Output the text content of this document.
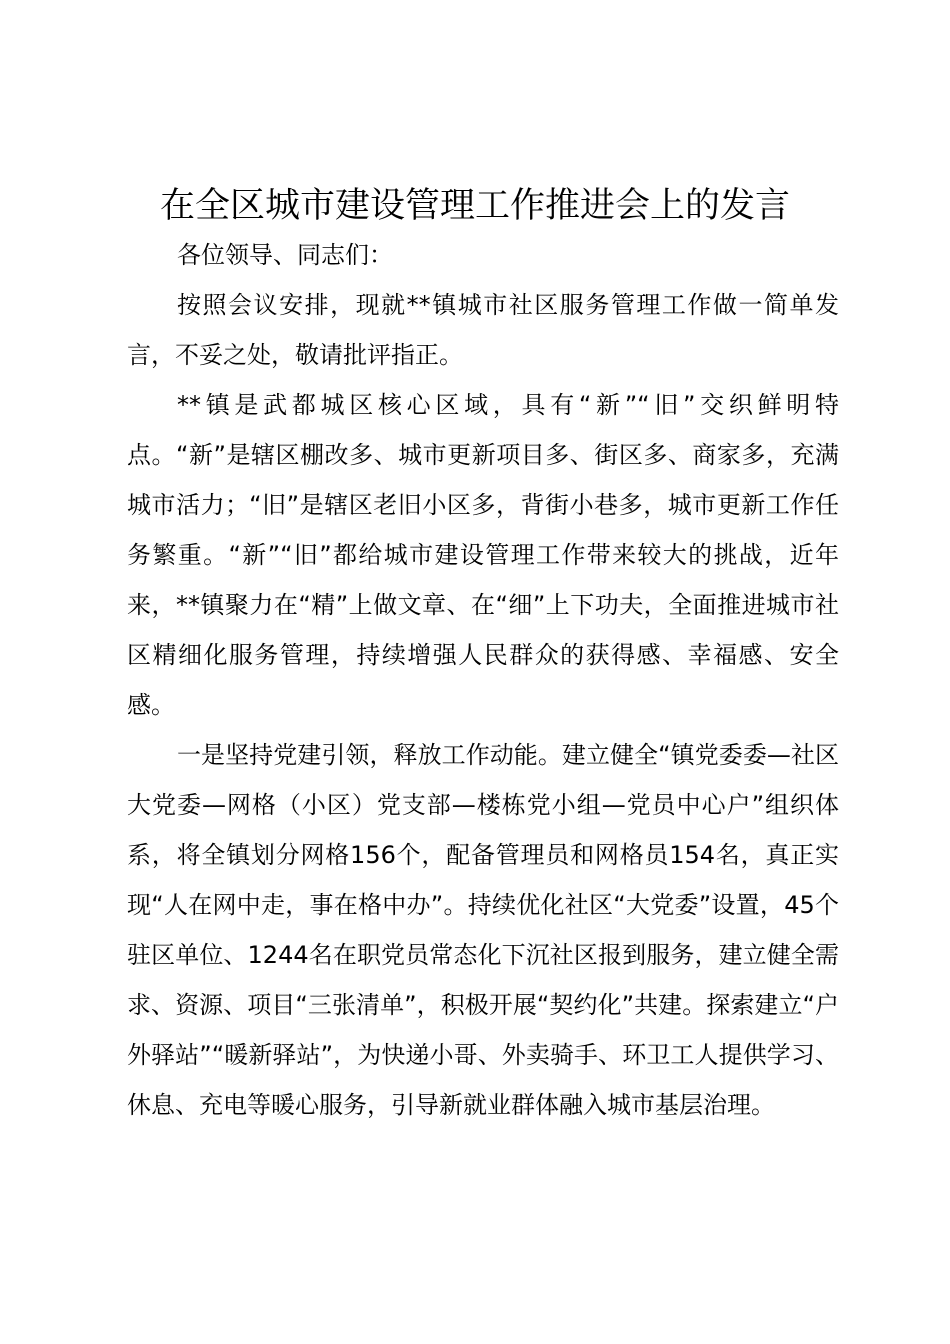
在全区城市建设管理工作推进会上的发言

各位领导、同志们：

按照会议安排，现就**镇城市社区服务管理工作做一简单发言，不妥之处，敬请批评指正。

**镇是武都城区核心区域，具有“新”“旧”交织鲜明特点。“新”是辖区棚改多、城市更新项目多、街区多、商家多，充满城市活力；“旧”是辖区老旧小区多，背街小巷多，城市更新工作任务繁重。“新”“旧”都给城市建设管理工作带来较大的挑战，近年来，**镇聚力在“精”上做文章、在“细”上下功夫，全面推进城市社区精细化服务管理，持续增强人民群众的获得感、幸福感、安全感。

一是坚持党建引领，释放工作动能。建立健全“镇党委委—社区大党委—网格（小区）党支部—楼栋党小组—党员中心户”组织体系，将全镇划分网格156个，配备管理员和网格员154名，真正实现“人在网中走，事在格中办”。持续优化社区“大党委”设置，45个驻区单位、1244名在职党员常态化下沉社区报到服务，建立健全需求、资源、项目“三张清单”，积极开展“契约化”共建。探索建立“户外驿站”“暖新驿站”，为快递小哥、外卖骑手、环卫工人提供学习、休息、充电等暖心服务，引导新就业群体融入城市基层治理。
